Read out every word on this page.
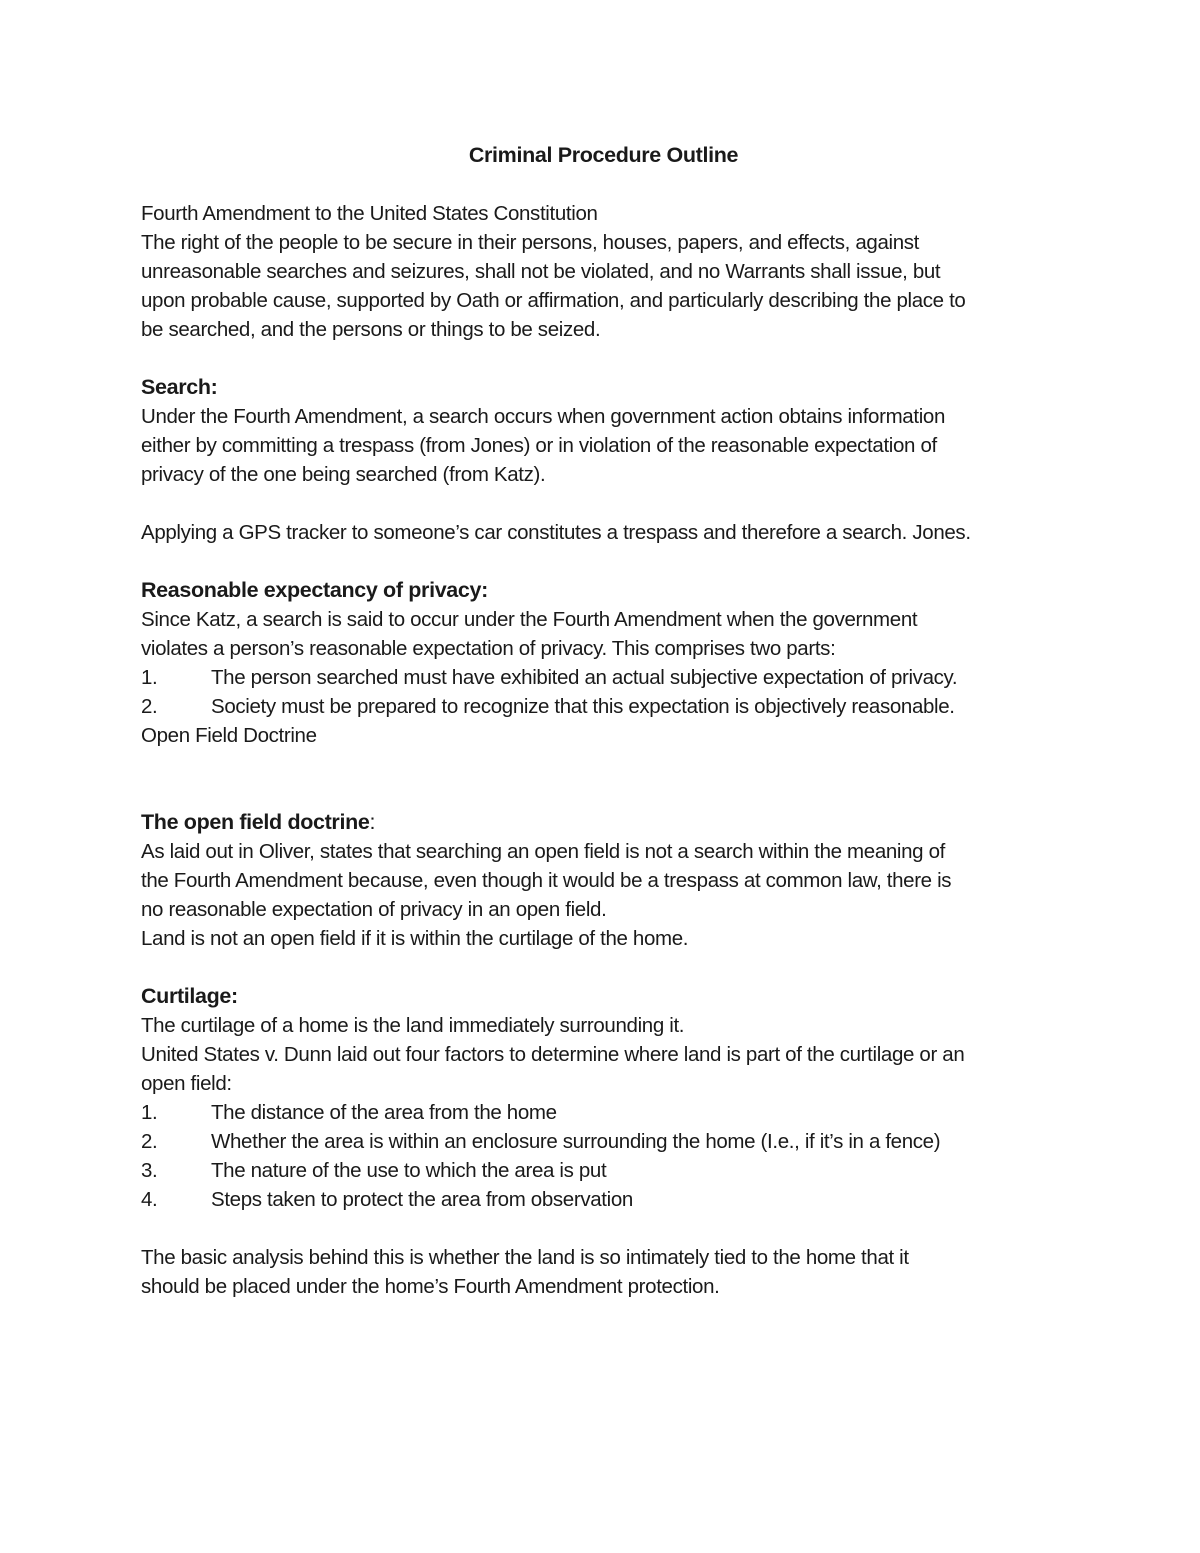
Criminal Procedure Outline

Fourth Amendment to the United States Constitution

The right of the people to be secure in their persons, houses, papers, and effects, against

unreasonable searches and seizures, shall not be violated, and no Warrants shall issue, but

upon probable cause, supported by Oath or affirmation, and particularly describing the place to

be searched, and the persons or things to be seized.

Search:

Under the Fourth Amendment, a search occurs when government action obtains information

either by committing a trespass (from Jones) or in violation of the reasonable expectation of

privacy of the one being searched (from Katz).

Applying a GPS tracker to someone’s car constitutes a trespass and therefore a search. Jones.

Reasonable expectancy of privacy:

Since Katz, a search is said to occur under the Fourth Amendment when the government

violates a person’s reasonable expectation of privacy. This comprises two parts:

1.	The person searched must have exhibited an actual subjective expectation of privacy.
2.	Society must be prepared to recognize that this expectation is objectively reasonable.

Open Field Doctrine

The open field doctrine:

As laid out in Oliver, states that searching an open field is not a search within the meaning of

the Fourth Amendment because, even though it would be a trespass at common law, there is

no reasonable expectation of privacy in an open field.

Land is not an open field if it is within the curtilage of the home.

Curtilage:

The curtilage of a home is the land immediately surrounding it.

United States v. Dunn laid out four factors to determine where land is part of the curtilage or an

open field:

1.	The distance of the area from the home
2.	Whether the area is within an enclosure surrounding the home (I.e., if it’s in a fence)
3.	The nature of the use to which the area is put
4.	Steps taken to protect the area from observation

The basic analysis behind this is whether the land is so intimately tied to the home that it

should be placed under the home’s Fourth Amendment protection.
